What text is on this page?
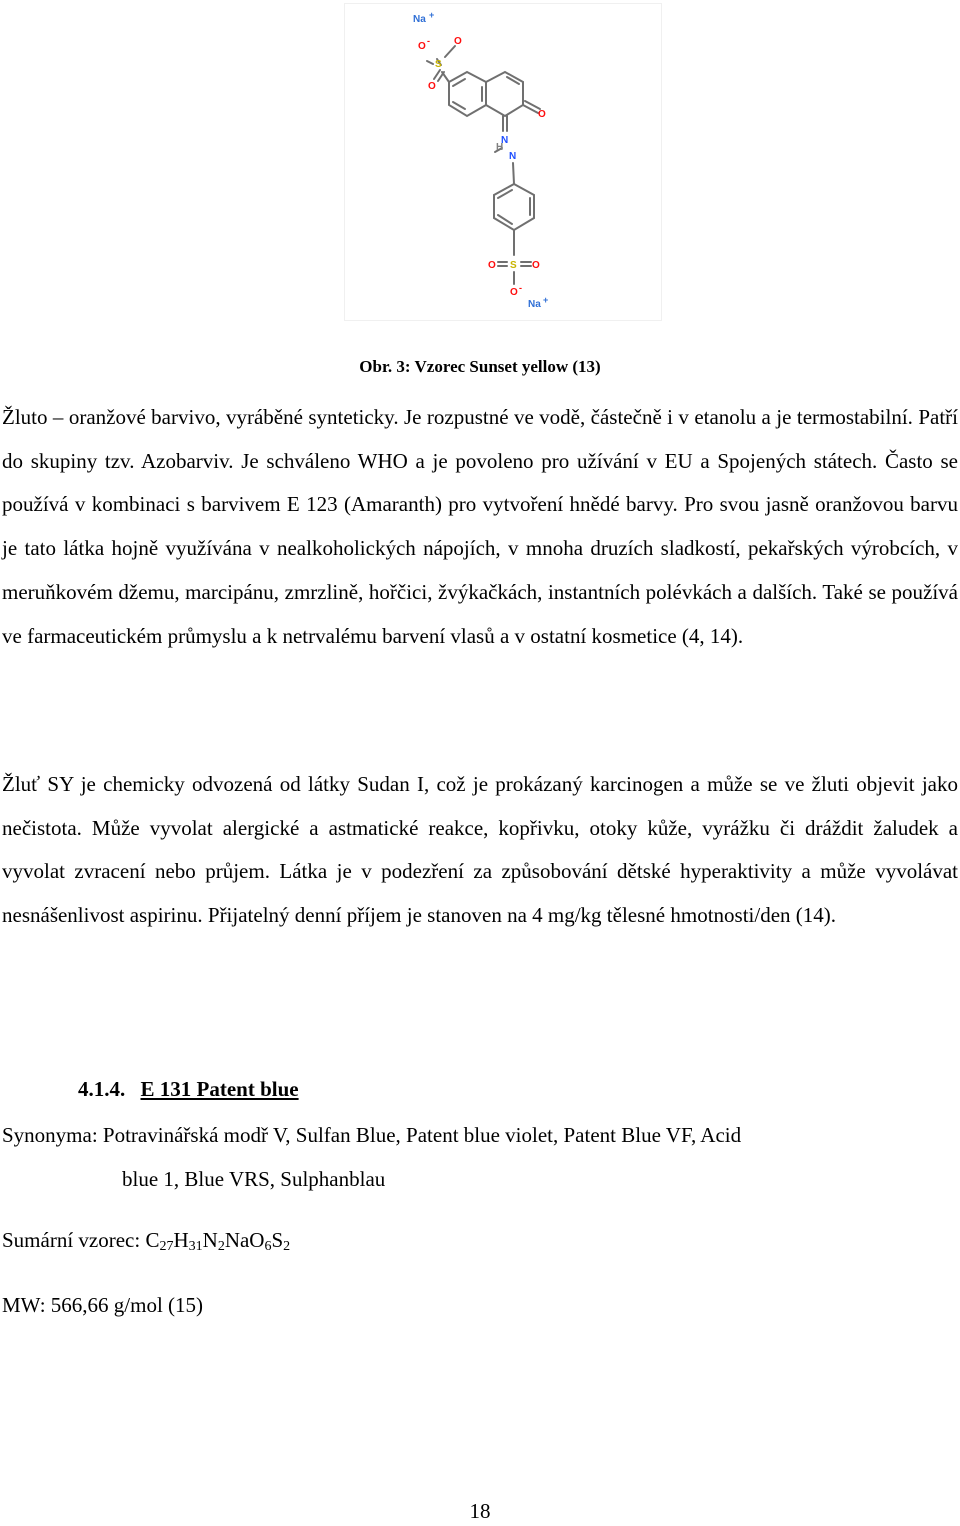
Na +
O -
S
O
O
O
N
N
H
S
O	O
O -
Na +
Obr. 3: Vzorec Sunset yellow (13)

Žluto – oranžové barvivo, vyráběné synteticky. Je rozpustné ve vodě, částečně i v etanolu a je termostabilní. Patří do skupiny tzv. Azobarviv. Je schváleno WHO a je povoleno pro užívání v EU a Spojených státech. Často se používá v kombinaci s barvivem E 123 (Amaranth) pro vytvoření hnědé barvy. Pro svou jasně oranžovou barvu je tato látka hojně využívána v nealkoholických nápojích, v mnoha druzích sladkostí, pekařských výrobcích, v meruňkovém džemu, marcipánu, zmrzlině, hořčici, žvýkačkách, instantních polévkách a dalších. Také se používá ve farmaceutickém průmyslu a k netrvalému barvení vlasů a v ostatní kosmetice (4, 14).

Žluť SY je chemicky odvozená od látky Sudan I, což je prokázaný karcinogen a může se ve žluti objevit jako nečistota. Může vyvolat alergické a astmatické reakce, kopřivku, otoky kůže, vyrážku či dráždit žaludek a vyvolat zvracení nebo průjem. Látka je v podezření za způsobování dětské hyperaktivity a může vyvolávat nesnášenlivost aspirinu. Přijatelný denní příjem je stanoven na 4 mg/kg tělesné hmotnosti/den (14).

4.1.4. E 131 Patent blue
Synonyma: Potravinářská modř V, Sulfan Blue, Patent blue violet, Patent Blue VF, Acid
blue 1, Blue VRS, Sulphanblau
Sumární vzorec: $C_{27}H_{31}N_2NaO_6S_2$
MW: 566,66 g/mol (15)
18
